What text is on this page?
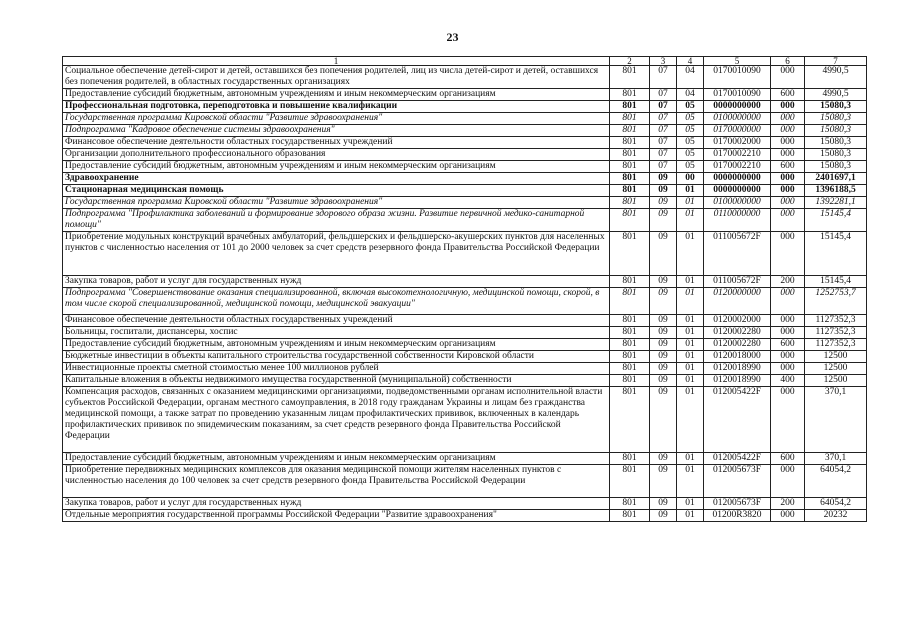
23
1	2	3	4	5	6	7
Социальное обеспечение детей-сирот и детей, оставшихся без попечения родителей, лиц из числа детей-сирот и детей, оставшихся без попечения родителей, в областных государственных организациях	801	07	04	0170010090	000	4990,5
Предоставление субсидий бюджетным, автономным учреждениям и иным некоммерческим организациям	801	07	04	0170010090	600	4990,5
Профессиональная подготовка, переподготовка и повышение квалификации	801	07	05	0000000000	000	15080,3
Государственная программа Кировской области "Развитие здравоохранения"	801	07	05	0100000000	000	15080,3
Подпрограмма "Кадровое обеспечение системы здравоохранения"	801	07	05	0170000000	000	15080,3
Финансовое обеспечение деятельности областных государственных учреждений	801	07	05	0170002000	000	15080,3
Организации дополнительного профессионального образования	801	07	05	0170002210	000	15080,3
Предоставление субсидий бюджетным, автономным учреждениям и иным некоммерческим организациям	801	07	05	0170002210	600	15080,3
Здравоохранение	801	09	00	0000000000	000	2401697,1
Стационарная медицинская помощь	801	09	01	0000000000	000	1396188,5
Государственная программа Кировской области "Развитие здравоохранения"	801	09	01	0100000000	000	1392281,1
Подпрограмма "Профилактика заболеваний и формирование здорового образа жизни. Развитие первичной медико-санитарной помощи"	801	09	01	0110000000	000	15145,4
Приобретение модульных конструкций врачебных амбулаторий, фельдшерских и фельдшерско-акушерских пунктов для населенных пунктов с численностью населения от 101 до 2000 человек за счет средств резервного фонда Правительства Российской Федерации	801	09	01	011005672F	000	15145,4
Закупка товаров, работ и услуг для государственных нужд	801	09	01	011005672F	200	15145,4
Подпрограмма "Совершенствование оказания специализированной, включая высокотехнологичную, медицинской помощи, скорой, в том числе скорой специализированной, медицинской помощи, медицинской эвакуации"	801	09	01	0120000000	000	1252753,7
Финансовое обеспечение деятельности областных государственных учреждений	801	09	01	0120002000	000	1127352,3
Больницы, госпитали, диспансеры, хоспис	801	09	01	0120002280	000	1127352,3
Предоставление субсидий бюджетным, автономным учреждениям и иным некоммерческим организациям	801	09	01	0120002280	600	1127352,3
Бюджетные инвестиции в объекты капитального строительства государственной собственности Кировской области	801	09	01	0120018000	000	12500
Инвестиционные проекты сметной стоимостью менее 100 миллионов рублей	801	09	01	0120018990	000	12500
Капитальные вложения в объекты недвижимого имущества государственной (муниципальной) собственности	801	09	01	0120018990	400	12500
Компенсация расходов, связанных с оказанием медицинскими организациями, подведомственными органам исполнительной власти субъектов Российской Федерации, органам местного самоуправления, в 2018 году гражданам Украины и лицам без гражданства медицинской помощи, а также затрат по проведению указанным лицам профилактических прививок, включенных в календарь профилактических прививок по эпидемическим показаниям, за счет средств резервного фонда Правительства Российской Федерации	801	09	01	012005422F	000	370,1
Предоставление субсидий бюджетным, автономным учреждениям и иным некоммерческим организациям	801	09	01	012005422F	600	370,1
Приобретение передвижных медицинских комплексов для оказания медицинской помощи жителям населенных пунктов с численностью населения до 100 человек за счет средств резервного фонда Правительства Российской Федерации	801	09	01	012005673F	000	64054,2
Закупка товаров, работ и услуг для государственных нужд	801	09	01	012005673F	200	64054,2
Отдельные мероприятия государственной программы Российской Федерации "Развитие здравоохранения"	801	09	01	01200R3820	000	20232
